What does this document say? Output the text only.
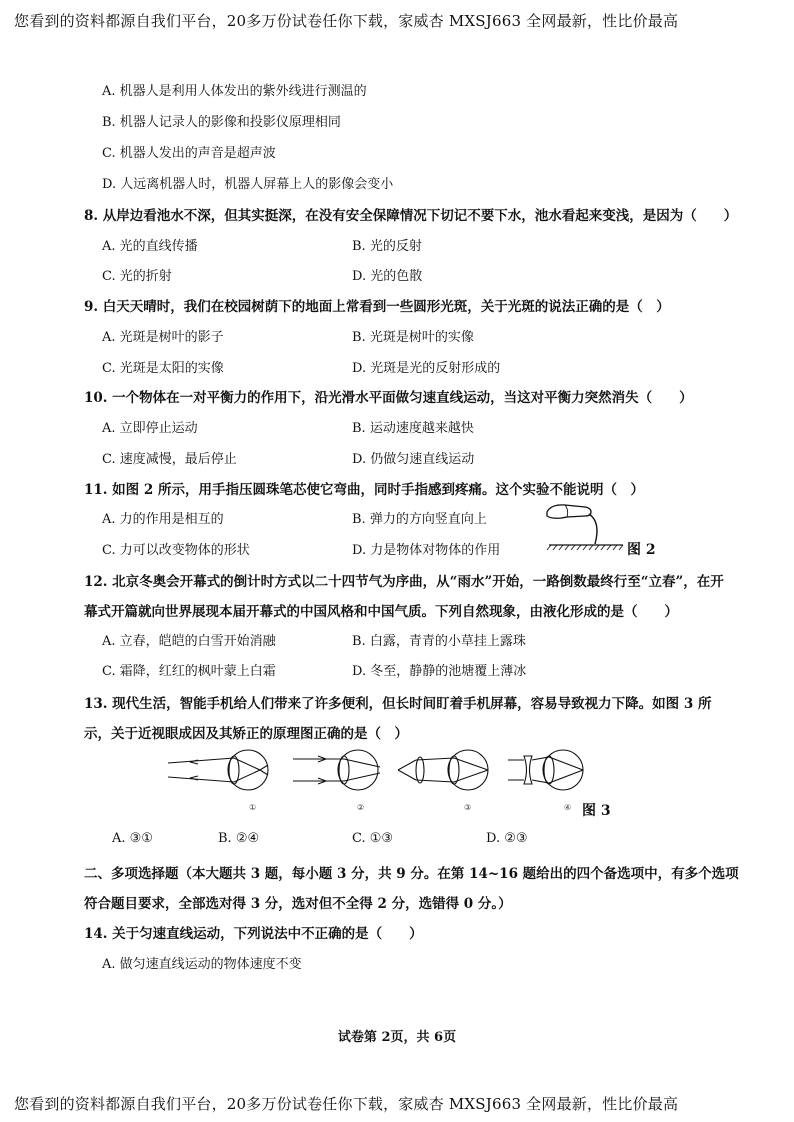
您看到的资料都源自我们平台，20多万份试卷任你下载，家威杏 MXSJ663 全网最新，性比价最高
A. 机器人是利用人体发出的紫外线进行测温的
B. 机器人记录人的影像和投影仪原理相同
C. 机器人发出的声音是超声波
D. 人远离机器人时，机器人屏幕上人的影像会变小
8. 从岸边看池水不深，但其实挺深，在没有安全保障情况下切记不要下水，池水看起来变浅，是因为（　　）
A. 光的直线传播	B. 光的反射
C. 光的折射	D. 光的色散
9. 白天天晴时，我们在校园树荫下的地面上常看到一些圆形光斑，关于光斑的说法正确的是（　）
A. 光斑是树叶的影子	B. 光斑是树叶的实像
C. 光斑是太阳的实像	D. 光斑是光的反射形成的
10. 一个物体在一对平衡力的作用下，沿光滑水平面做匀速直线运动，当这对平衡力突然消失（　　）
A. 立即停止运动	B. 运动速度越来越快
C. 速度减慢，最后停止	D. 仍做匀速直线运动
11. 如图 2 所示，用手指压圆珠笔芯使它弯曲，同时手指感到疼痛。这个实验不能说明（　）
A. 力的作用是相互的	B. 弹力的方向竖直向上
C. 力可以改变物体的形状	D. 力是物体对物体的作用	图 2
12. 北京冬奥会开幕式的倒计时方式以二十四节气为序曲，从“雨水”开始，一路倒数最终行至“立春”，在开
幕式开篇就向世界展现本届开幕式的中国风格和中国气质。下列自然现象，由液化形成的是（　　）
A. 立春，皑皑的白雪开始消融	B. 白露，青青的小草挂上露珠
C. 霜降，红红的枫叶蒙上白霜	D. 冬至，静静的池塘覆上薄冰
13. 现代生活，智能手机给人们带来了许多便利，但长时间盯着手机屏幕，容易导致视力下降。如图 3 所
示，关于近视眼成因及其矫正的原理图正确的是（　）
①	②	③	④ 图 3
A. ③①	B. ②④	C. ①③	D. ②③
二、多项选择题（本大题共 3 题，每小题 3 分，共 9 分。在第 14~16 题给出的四个备选项中，有多个选项
符合题目要求，全部选对得 3 分，选对但不全得 2 分，选错得 0 分。）
14. 关于匀速直线运动，下列说法中不正确的是（　　）
A. 做匀速直线运动的物体速度不变
试卷第 2页，共 6页
您看到的资料都源自我们平台，20多万份试卷任你下载，家威杏 MXSJ663 全网最新，性比价最高
